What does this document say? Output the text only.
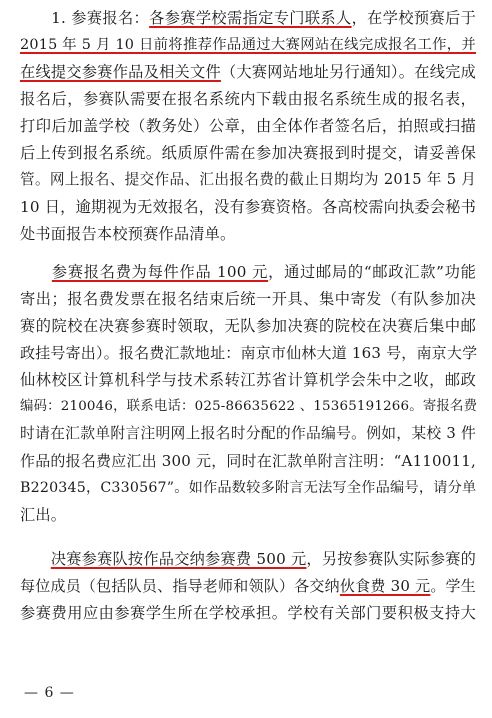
　　1. 参赛报名：各参赛学校需指定专门联系人，在学校预赛后于
2015 年 5 月 10 日前将推荐作品通过大赛网站在线完成报名工作，并
在线提交参赛作品及相关文件（大赛网站地址另行通知）。在线完成
报名后，参赛队需要在报名系统内下载由报名系统生成的报名表，
打印后加盖学校（教务处）公章，由全体作者签名后，拍照或扫描
后上传到报名系统。纸质原件需在参加决赛报到时提交，请妥善保
管。网上报名、提交作品、汇出报名费的截止日期均为 2015 年 5 月
10 日，逾期视为无效报名，没有参赛资格。各高校需向执委会秘书
处书面报告本校预赛作品清单。
　　参赛报名费为每件作品 100 元，通过邮局的“邮政汇款”功能
寄出；报名费发票在报名结束后统一开具、集中寄发（有队参加决
赛的院校在决赛参赛时领取，无队参加决赛的院校在决赛后集中邮
政挂号寄出）。报名费汇款地址：南京市仙林大道 163 号，南京大学
仙林校区计算机科学与技术系转江苏省计算机学会朱中之收，邮政
编码：210046，联系电话：025-86635622 、15365191266。寄报名费
时请在汇款单附言注明网上报名时分配的作品编号。例如，某校 3 件
作品的报名费应汇出 300 元，同时在汇款单附言注明：“A110011,
B220345，C330567”。如作品数较多附言无法写全作品编号，请分单
汇出。
　　决赛参赛队按作品交纳参赛费 500 元，另按参赛队实际参赛的
每位成员（包括队员、指导老师和领队）各交纳伙食费 30 元。学生
参赛费用应由参赛学生所在学校承担。学校有关部门要积极支持大
— 6 —
